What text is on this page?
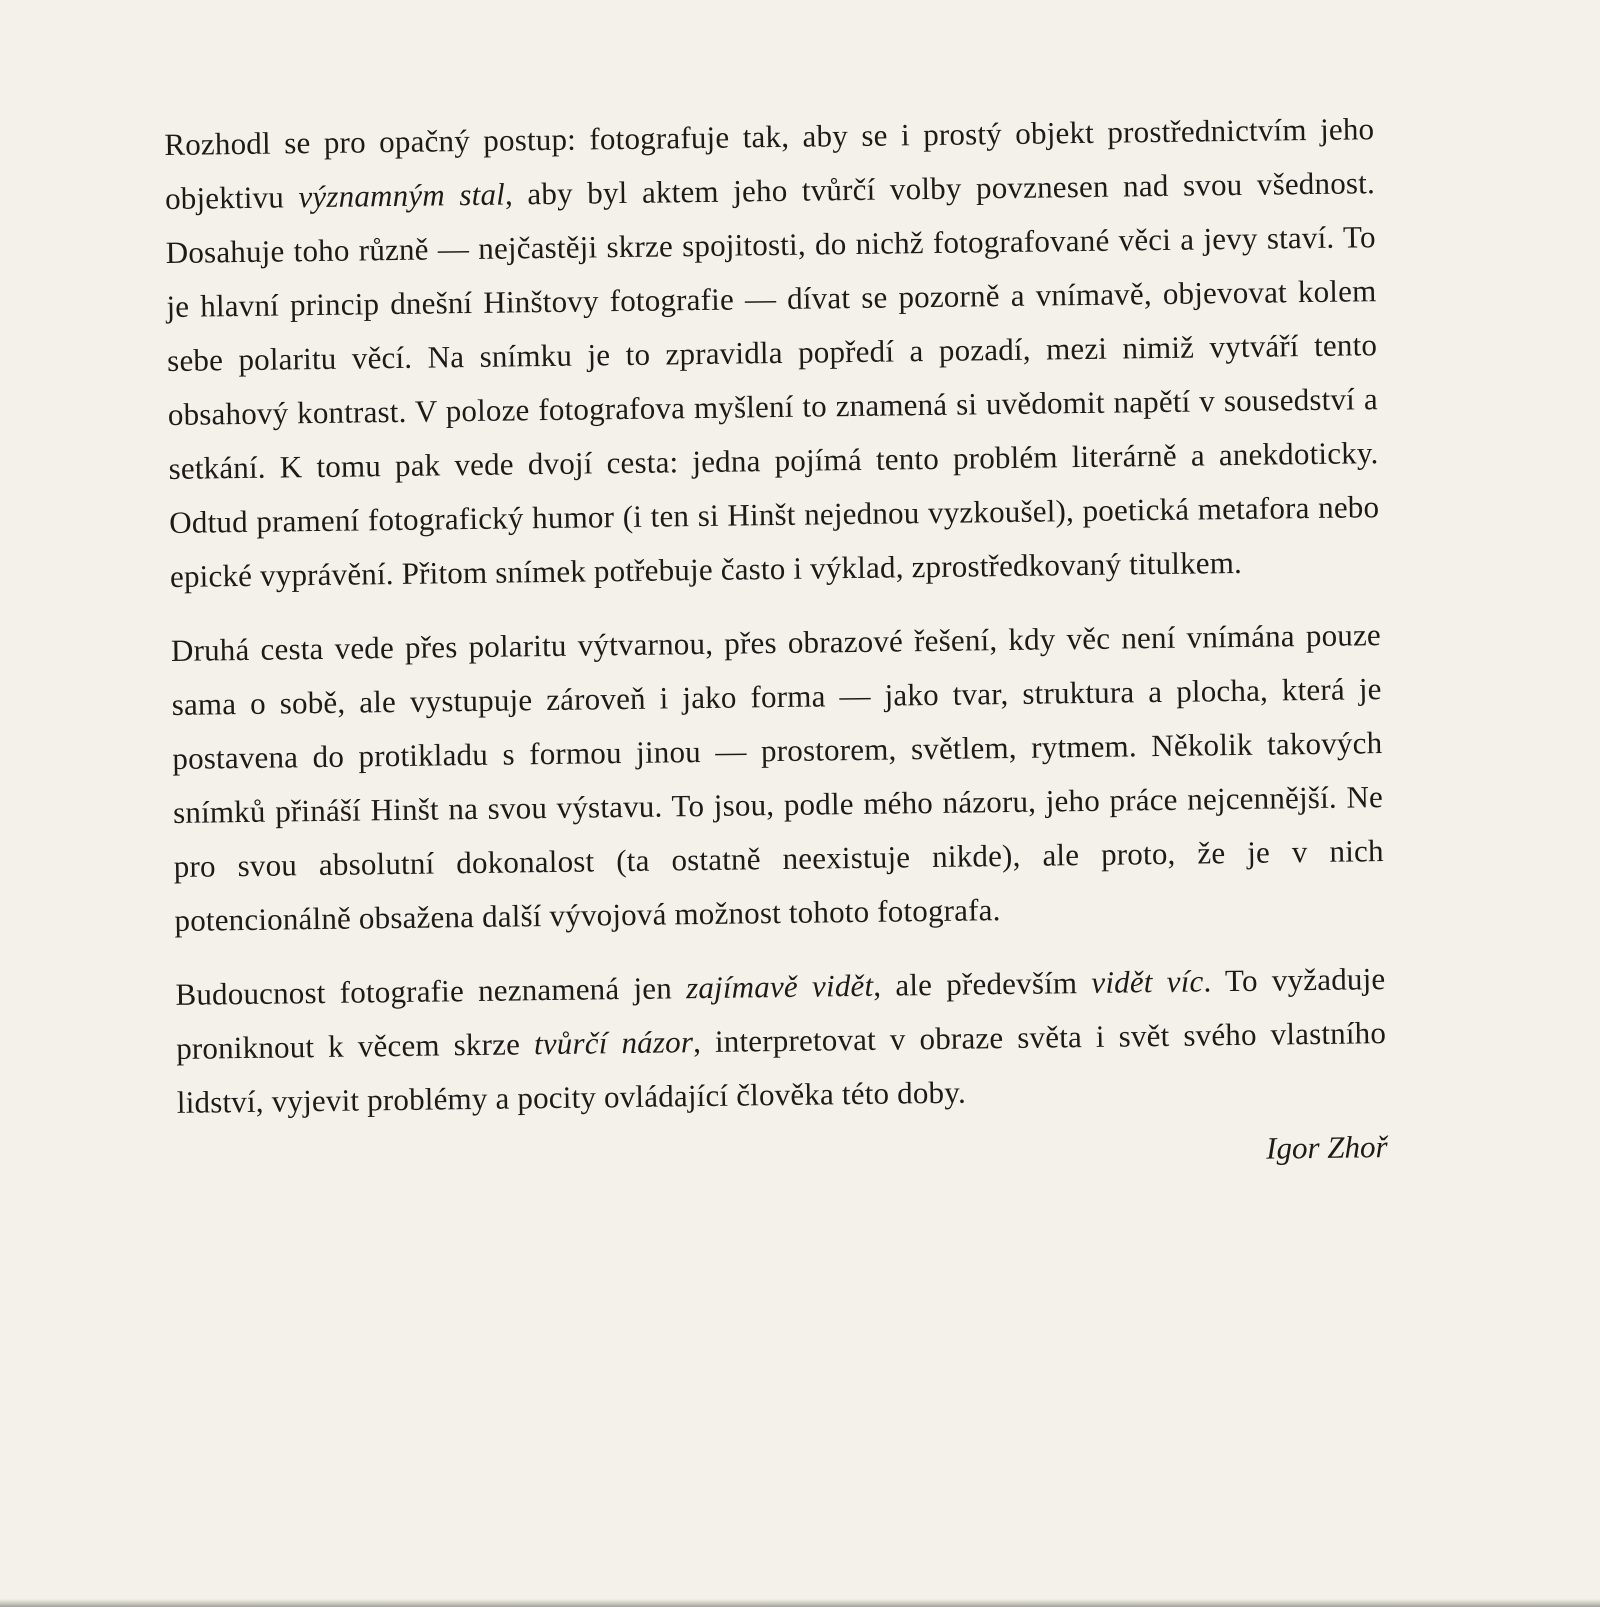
Rozhodl se pro opačný postup: fotografuje tak, aby se i prostý objekt prostřednictvím jeho objektivu významným stal, aby byl aktem jeho tvůrčí volby povznesen nad svou všednost. Dosahuje toho různě — nejčastěji skrze spojitosti, do nichž fotografované věci a jevy staví. To je hlavní princip dnešní Hinštovy fotografie — dívat se pozorně a vnímavě, objevovat kolem sebe polaritu věcí. Na snímku je to zpravidla popředí a pozadí, mezi nimiž vytváří tento obsahový kontrast. V poloze fotografova myšlení to znamená si uvědomit napětí v sousedství a setkání. K tomu pak vede dvojí cesta: jedna pojímá tento problém literárně a anekdoticky. Odtud pramení fotografický humor (i ten si Hinšt nejednou vyzkoušel), poetická metafora nebo epické vyprávění. Přitom snímek potřebuje často i výklad, zprostředkovaný titulkem.

Druhá cesta vede přes polaritu výtvarnou, přes obrazové řešení, kdy věc není vnímána pouze sama o sobě, ale vystupuje zároveň i jako forma — jako tvar, struktura a plocha, která je postavena do protikladu s formou jinou — prostorem, světlem, rytmem. Několik takových snímků přináší Hinšt na svou výstavu. To jsou, podle mého názoru, jeho práce nejcennější. Ne pro svou absolutní dokonalost (ta ostatně neexistuje nikde), ale proto, že je v nich potencionálně obsažena další vývojová možnost tohoto fotografa.

Budoucnost fotografie neznamená jen zajímavě vidět, ale především vidět víc. To vyžaduje proniknout k věcem skrze tvůrčí názor, interpretovat v obraze světa i svět svého vlastního lidství, vyjevit problémy a pocity ovládající člověka této doby.

Igor Zhoř
